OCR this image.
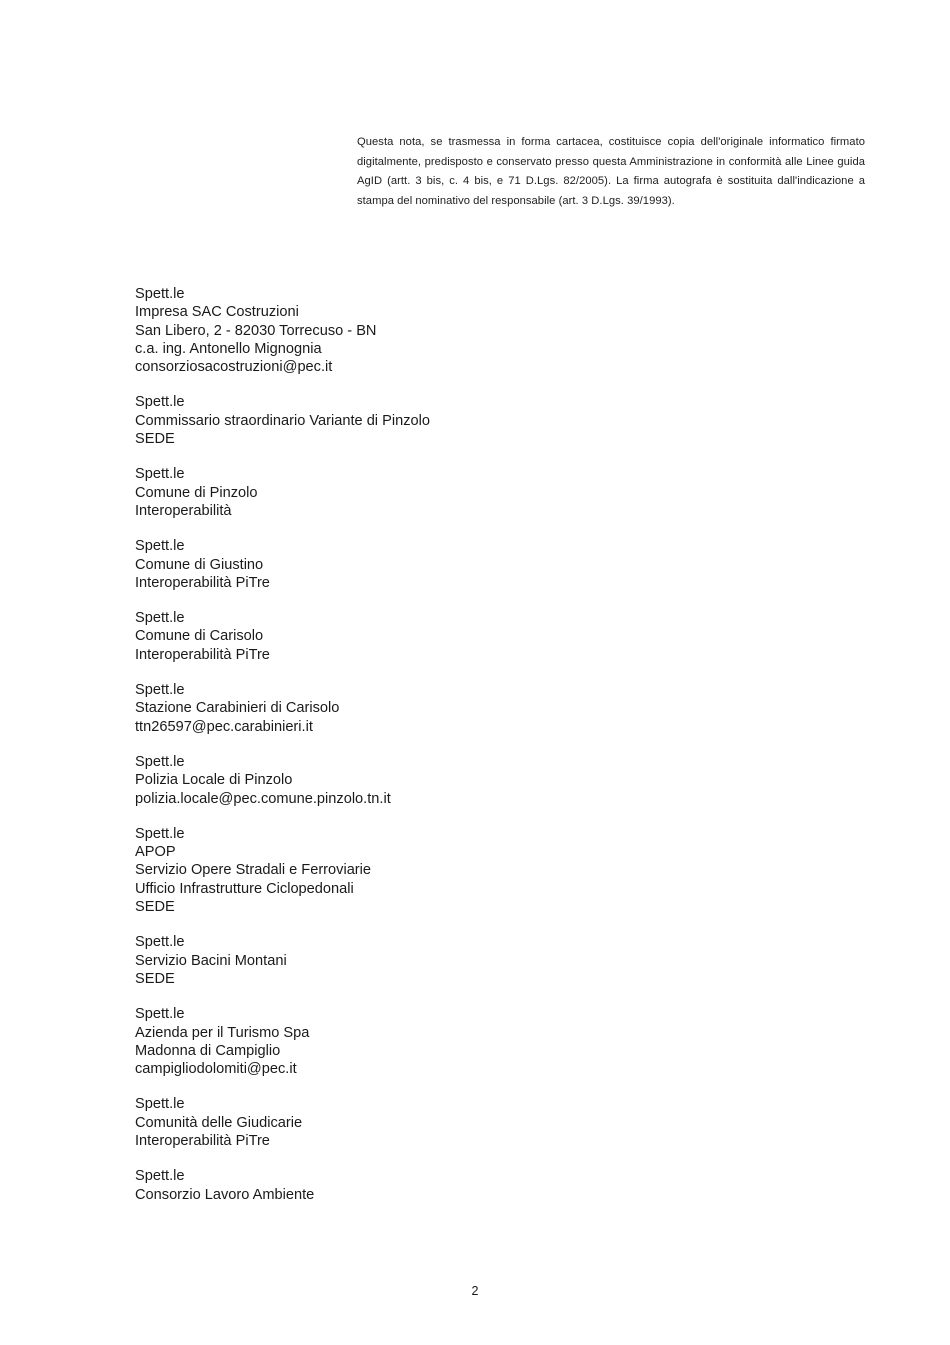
Questa nota, se trasmessa in forma cartacea, costituisce copia dell'originale informatico firmato digitalmente, predisposto e conservato presso questa Amministrazione in conformità alle Linee guida AgID (artt. 3 bis, c. 4 bis, e 71 D.Lgs. 82/2005). La firma autografa è sostituita dall'indicazione a stampa del nominativo del responsabile (art. 3 D.Lgs. 39/1993).
Spett.le
Impresa SAC Costruzioni
San Libero, 2 - 82030 Torrecuso - BN
c.a. ing. Antonello Mignognia
consorziosacostruzioni@pec.it
Spett.le
Commissario straordinario Variante di Pinzolo
SEDE
Spett.le
Comune di Pinzolo
Interoperabilità
Spett.le
Comune di Giustino
Interoperabilità PiTre
Spett.le
Comune di Carisolo
Interoperabilità PiTre
Spett.le
Stazione Carabinieri di Carisolo
ttn26597@pec.carabinieri.it
Spett.le
Polizia Locale di Pinzolo
polizia.locale@pec.comune.pinzolo.tn.it
Spett.le
APOP
Servizio Opere Stradali e Ferroviarie
Ufficio Infrastrutture Ciclopedonali
SEDE
Spett.le
Servizio Bacini Montani
SEDE
Spett.le
Azienda per il Turismo Spa
Madonna di Campiglio
campigliodolomiti@pec.it
Spett.le
Comunità delle Giudicarie
Interoperabilità PiTre
Spett.le
Consorzio Lavoro Ambiente
2
